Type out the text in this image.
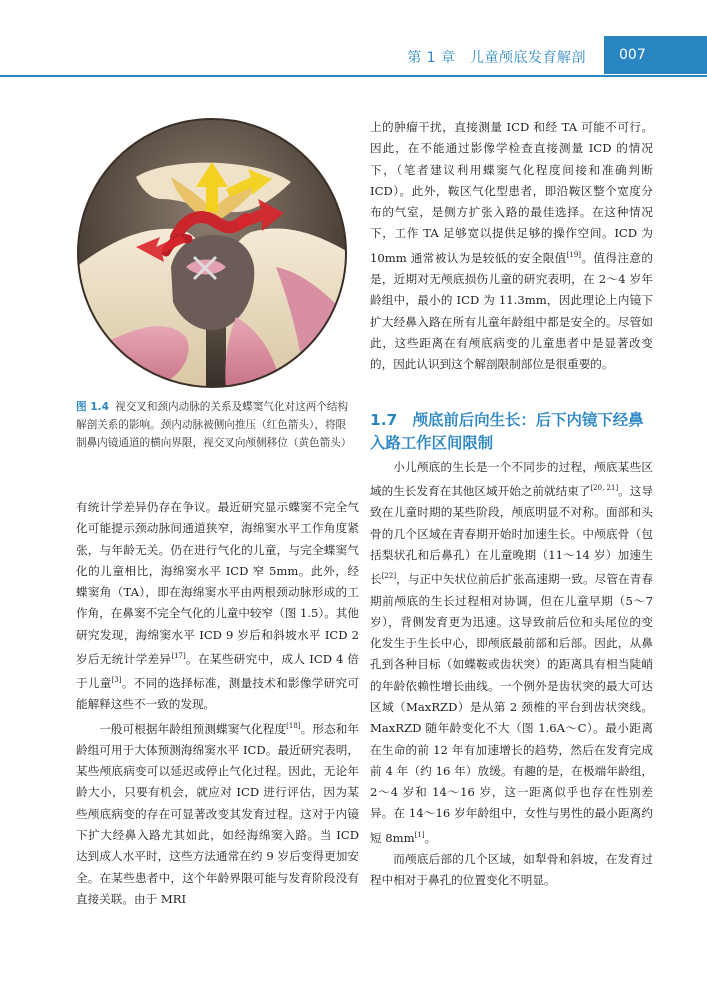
第 1 章　儿童颅底发育解剖	007
图 1.4 视交叉和颈内动脉的关系及蝶窦气化对这两个结构解剖关系的影响。颈内动脉被侧向推压（红色箭头），将限制鼻内镜通道的横向界限，视交叉向颅侧移位（黄色箭头）

有统计学差异仍存在争议。最近研究显示蝶窦不完全气化可能提示颈动脉间通道狭窄，海绵窦水平工作角度紧张，与年龄无关。仍在进行气化的儿童，与完全蝶窦气化的儿童相比，海绵窦水平 ICD 窄 5mm。此外，经蝶窦角（TA），即在海绵窦水平由两根颈动脉形成的工作角，在鼻窦不完全气化的儿童中较窄（图 1.5）。其他研究发现，海绵窦水平 ICD 9 岁后和斜坡水平 ICD 2 岁后无统计学差异[17]。在某些研究中，成人 ICD 4 倍于儿童[3]。不同的选择标准，测量技术和影像学研究可能解释这些不一致的发现。

一般可根据年龄组预测蝶窦气化程度[18]。形态和年龄组可用于大体预测海绵窦水平 ICD。最近研究表明，某些颅底病变可以延迟或停止气化过程。因此，无论年龄大小，只要有机会，就应对 ICD 进行评估，因为某些颅底病变的存在可显著改变其发育过程。这对于内镜下扩大经鼻入路尤其如此，如经海绵窦入路。当 ICD 达到成人水平时，这些方法通常在约 9 岁后变得更加安全。在某些患者中，这个年龄界限可能与发育阶段没有直接关联。由于 MRI

上的肿瘤干扰，直接测量 ICD 和经 TA 可能不可行。因此，在不能通过影像学检查直接测量 ICD 的情况下，（笔者建议利用蝶窦气化程度间接和准确判断 ICD）。此外，鞍区气化型患者，即沿鞍区整个宽度分布的气室，是侧方扩张入路的最佳选择。在这种情况下，工作 TA 足够宽以提供足够的操作空间。ICD 为 10mm 通常被认为是较低的安全限值[19]。值得注意的是，近期对无颅底损伤儿童的研究表明，在 2～4 岁年龄组中，最小的 ICD 为 11.3mm，因此理论上内镜下扩大经鼻入路在所有儿童年龄组中都是安全的。尽管如此，这些距离在有颅底病变的儿童患者中是显著改变的，因此认识到这个解剖限制部位是很重要的。

1.7　颅底前后向生长：后下内镜下经鼻入路工作区间限制

小儿颅底的生长是一个不同步的过程，颅底某些区域的生长发育在其他区域开始之前就结束了[20, 21]。这导致在儿童时期的某些阶段，颅底明显不对称。面部和头骨的几个区域在青春期开始时加速生长。中颅底骨（包括梨状孔和后鼻孔）在儿童晚期（11～14 岁）加速生长[22]，与正中矢状位前后扩张高速期一致。尽管在青春期前颅底的生长过程相对协调，但在儿童早期（5～7 岁），背侧发育更为迅速。这导致前后位和头尾位的变化发生于生长中心，即颅底最前部和后部。因此，从鼻孔到各种目标（如蝶鞍或齿状突）的距离具有相当陡峭的年龄依赖性增长曲线。一个例外是齿状突的最大可达区域（MaxRZD）是从第 2 颈椎的平台到齿状突线。MaxRZD 随年龄变化不大（图 1.6A～C）。最小距离在生命的前 12 年有加速增长的趋势，然后在发育完成前 4 年（约 16 年）放缓。有趣的是，在极端年龄组，2～4 岁和 14～16 岁，这一距离似乎也存在性别差异。在 14～16 岁年龄组中，女性与男性的最小距离约短 8mm[1]。

而颅底后部的几个区域，如犁骨和斜坡，在发育过程中相对于鼻孔的位置变化不明显。
